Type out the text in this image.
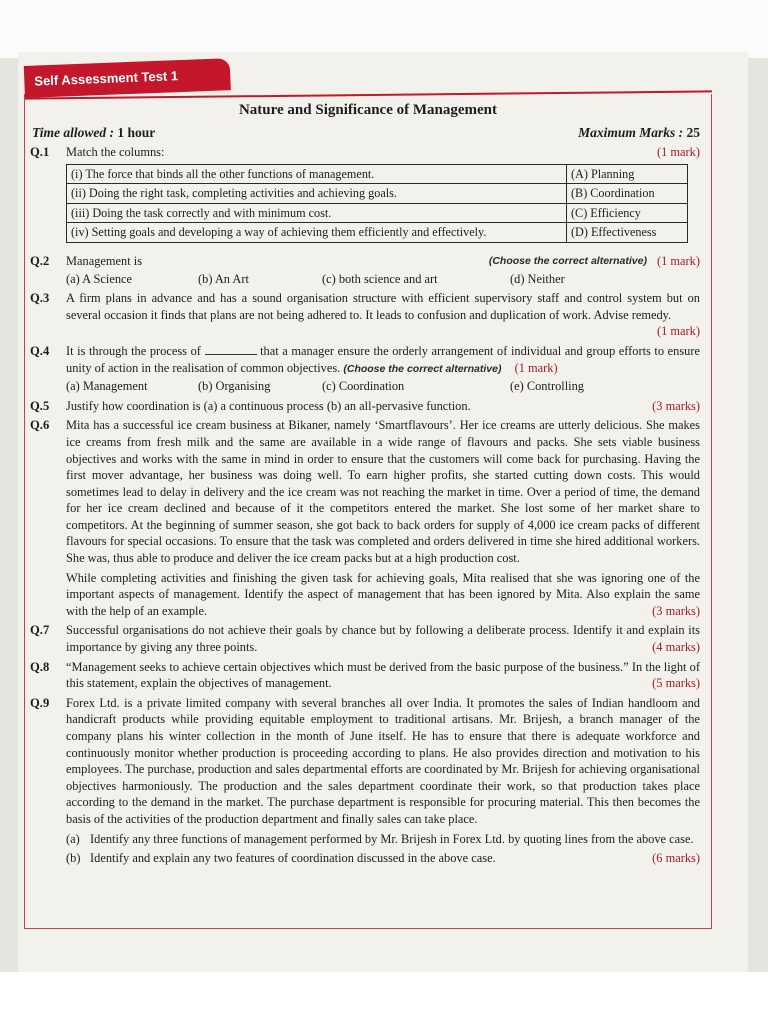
Self Assessment Test 1
Nature and Significance of Management
Time allowed : 1 hour	Maximum Marks : 25
Q.1	Match the columns:	(1 mark)
(i) The force that binds all the other functions of management.	(A) Planning
(ii) Doing the right task, completing activities and achieving goals.	(B) Coordination
(iii) Doing the task correctly and with minimum cost.	(C) Efficiency
(iv) Setting goals and developing a way of achieving them efficiently and effectively.	(D) Effectiveness
Q.2	Management is	(1 mark)
(Choose the correct alternative)
(a) A Science	(b) An Art	(c) both science and art	(d) Neither
Q.3	A firm plans in advance and has a sound organisation structure with efficient supervisory staff and control system but on several occasion it finds that plans are not being adhered to. It leads to confusion and duplication of work. Advise remedy.
(1 mark)
Q.4	It is through the process of	that a manager ensure the orderly arrangement of individual and group efforts to ensure unity of action in the realisation of common objectives. (Choose the correct alternative) (1 mark)
(a) Management	(b) Organising	(c) Coordination	(e) Controlling
Q.5	Justify how coordination is (a) a continuous process (b) an all-pervasive function.	(3 marks)
Q.6	Mita has a successful ice cream business at Bikaner, namely ‘Smartflavours’. Her ice creams are utterly delicious. She makes ice creams from fresh milk and the same are available in a wide range of flavours and packs. She sets viable business objectives and works with the same in mind in order to ensure that the customers will come back for purchasing. Having the first mover advantage, her business was doing well. To earn higher profits, she started cutting down costs. This would sometimes lead to delay in delivery and the ice cream was not reaching the market in time. Over a period of time, the demand for her ice cream declined and because of it the competitors entered the market. She lost some of her market share to competitors. At the beginning of summer season, she got back to back orders for supply of 4,000 ice cream packs of different flavours for special occasions. To ensure that the task was completed and orders delivered in time she hired additional workers. She was, thus able to produce and deliver the ice cream packs but at a high production cost.
While completing activities and finishing the given task for achieving goals, Mita realised that she was ignoring one of the important aspects of management. Identify the aspect of management that has been ignored by Mita. Also explain the same with the help of an example.	(3 marks)
Q.7	Successful organisations do not achieve their goals by chance but by following a deliberate process. Identify it and explain its importance by giving any three points.	(4 marks)
Q.8	“Management seeks to achieve certain objectives which must be derived from the basic purpose of the business.” In the light of this statement, explain the objectives of management.	(5 marks)
Q.9	Forex Ltd. is a private limited company with several branches all over India. It promotes the sales of Indian handloom and handicraft products while providing equitable employment to traditional artisans. Mr. Brijesh, a branch manager of the company plans his winter collection in the month of June itself. He has to ensure that there is adequate workforce and continuously monitor whether production is proceeding according to plans. He also provides direction and motivation to his employees. The purchase, production and sales departmental efforts are coordinated by Mr. Brijesh for achieving organisational objectives harmoniously. The production and the sales department coordinate their work, so that production takes place according to the demand in the market. The purchase department is responsible for procuring material. This then becomes the basis of the activities of the production department and finally sales can take place.
(a) Identify any three functions of management performed by Mr. Brijesh in Forex Ltd. by quoting lines from the above case.
(b) Identify and explain any two features of coordination discussed in the above case.	(6 marks)
